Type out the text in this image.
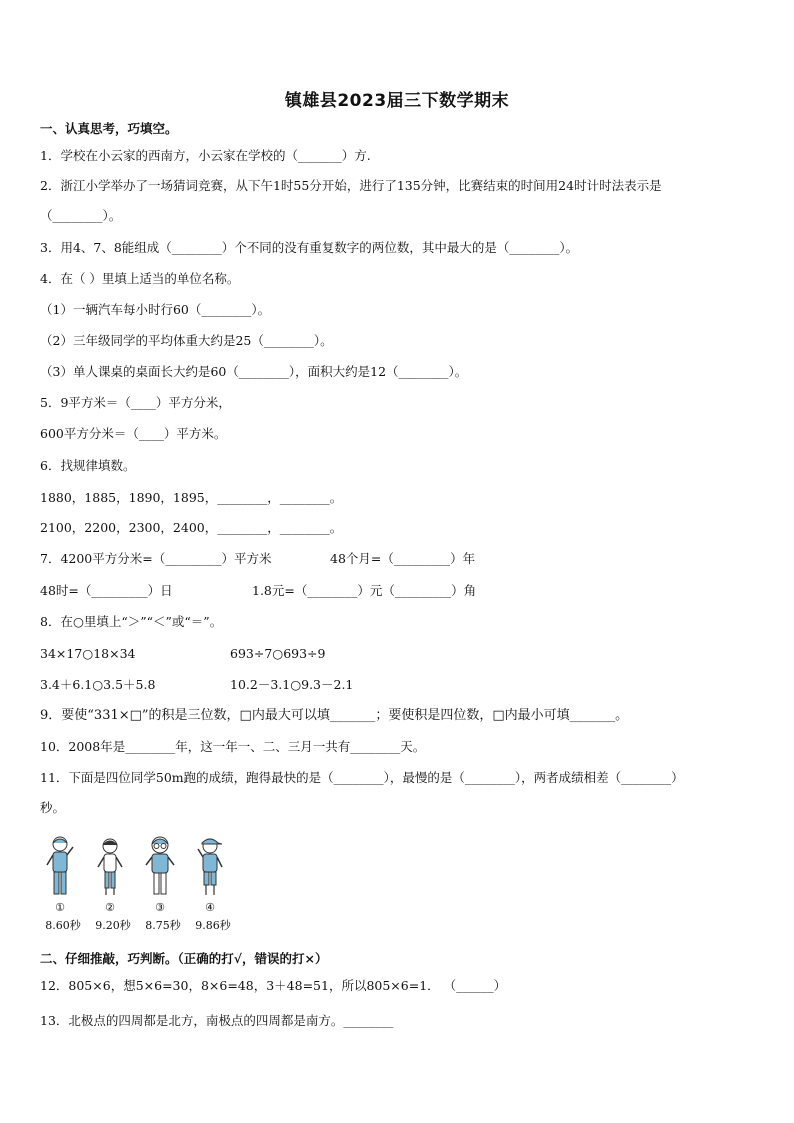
镇雄县2023届三下数学期末
一、认真思考，巧填空。
1．学校在小云家的西南方，小云家在学校的（_______）方.
2．浙江小学举办了一场猜词竞赛，从下午1时55分开始，进行了135分钟，比赛结束的时间用24时计时法表示是
（________）。
3．用4、7、8能组成（________）个不同的没有重复数字的两位数，其中最大的是（________）。
4．在（ ）里填上适当的单位名称。
（1）一辆汽车每小时行60（________）。
（2）三年级同学的平均体重大约是25（________）。
（3）单人课桌的桌面长大约是60（________），面积大约是12（________）。
5．9平方米＝（____）平方分米，
600平方分米＝（____）平方米。
6．找规律填数。
1880，1885，1890，1895，________，________。
2100，2200，2300，2400，________，________。
7．4200平方分米=（_________）平方米	48个月=（_________）年
48时=（_________）日	1.8元=（________）元（_________）角
8．在○里填上“＞”“＜”或“＝”。
34×17○18×34	693÷7○693÷9
3.4＋6.1○3.5＋5.8	10.2－3.1○9.3－2.1
9．要使“331×□”的积是三位数，□内最大可以填_______；要使积是四位数，□内最小可填_______。
10．2008年是________年，这一年一、二、三月一共有________天。
11．下面是四位同学50m跑的成绩，跑得最快的是（________），最慢的是（________），两者成绩相差（________）
秒。
①
8.60秒
②
9.20秒
③
8.75秒
④
9.86秒
二、仔细推敲，巧判断。（正确的打√，错误的打×）
12．805×6，想5×6=30，8×6=48，3＋48=51，所以805×6=1． （______）
13．北极点的四周都是北方，南极点的四周都是南方。________
